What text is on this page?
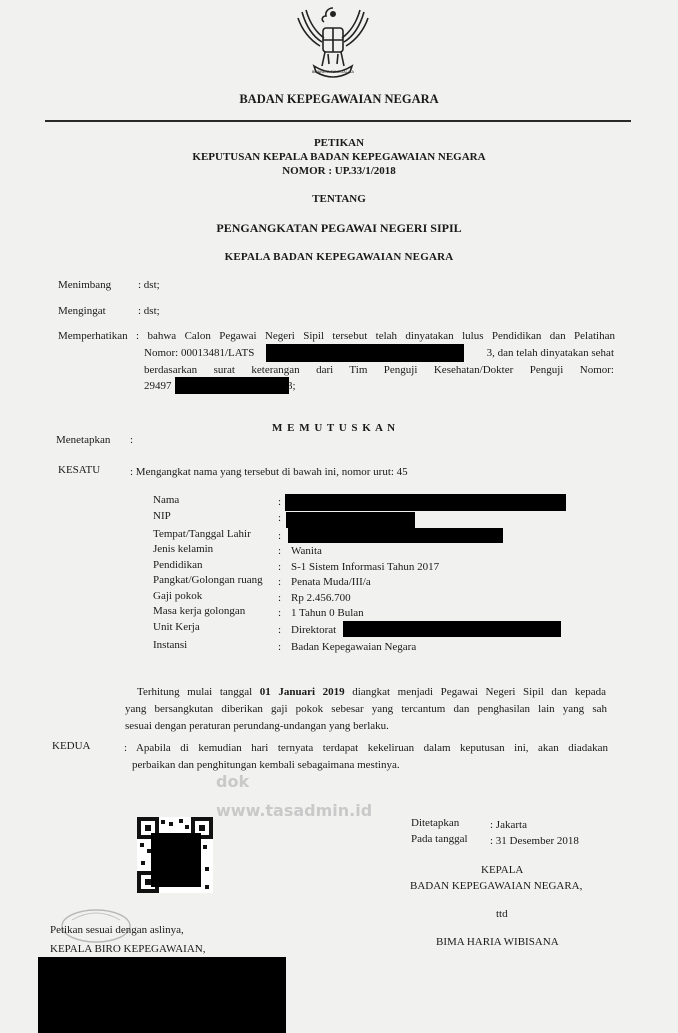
BHINNEKA TUNGGAL IKA
BADAN KEPEGAWAIAN NEGARA
PETIKAN
KEPUTUSAN KEPALA BADAN KEPEGAWAIAN NEGARA
NOMOR : UP.33/1/2018
TENTANG
PENGANGKATAN PEGAWAI NEGERI SIPIL
KEPALA BADAN KEPEGAWAIAN NEGARA
Menimbang : dst;
Mengingat	: dst;
Memperhatikan : bahwa Calon Pegawai Negeri Sipil tersebut telah dinyatakan lulus Pendidikan dan Pelatihan
Nomor: 00013481/LATS	3, dan telah dinyatakan sehat
berdasarkan surat keterangan dari Tim Penguji Kesehatan/Dokter Penguji Nomor:
29497	3;
M E M U T U S K A N
Menetapkan :
KESATU	: Mengangkat nama yang tersebut di bawah ini, nomor urut: 45
Nama	:
NIP	:
Tempat/Tanggal Lahir :
Jenis kelamin	: Wanita
Pendidikan	: S-1 Sistem Informasi Tahun 2017
Pangkat/Golongan ruang : Penata Muda/III/a
Gaji pokok	: Rp 2.456.700
Masa kerja golongan	: 1 Tahun 0 Bulan
Unit Kerja	: Direktorat
Instansi	: Badan Kepegawaian Negara
Terhitung mulai tanggal 01 Januari 2019 diangkat menjadi Pegawai Negeri Sipil dan kepada
yang bersangkutan diberikan gaji pokok sebesar yang tercantum dan penghasilan lain yang sah
sesuai dengan peraturan perundang-undangan yang berlaku.
KEDUA	: Apabila di kemudian hari ternyata terdapat kekeliruan dalam keputusan ini, akan diadakan
perbaikan dan penghitungan kembali sebagaimana mestinya.
dok
www.tasadmin.id
Ditetapkan	: Jakarta
Pada tanggal : 31 Desember 2018
KEPALA
BADAN KEPEGAWAIAN NEGARA,
ttd
BIMA HARIA WIBISANA
Petikan sesuai dengan aslinya,
KEPALA BIRO KEPEGAWAIAN,
